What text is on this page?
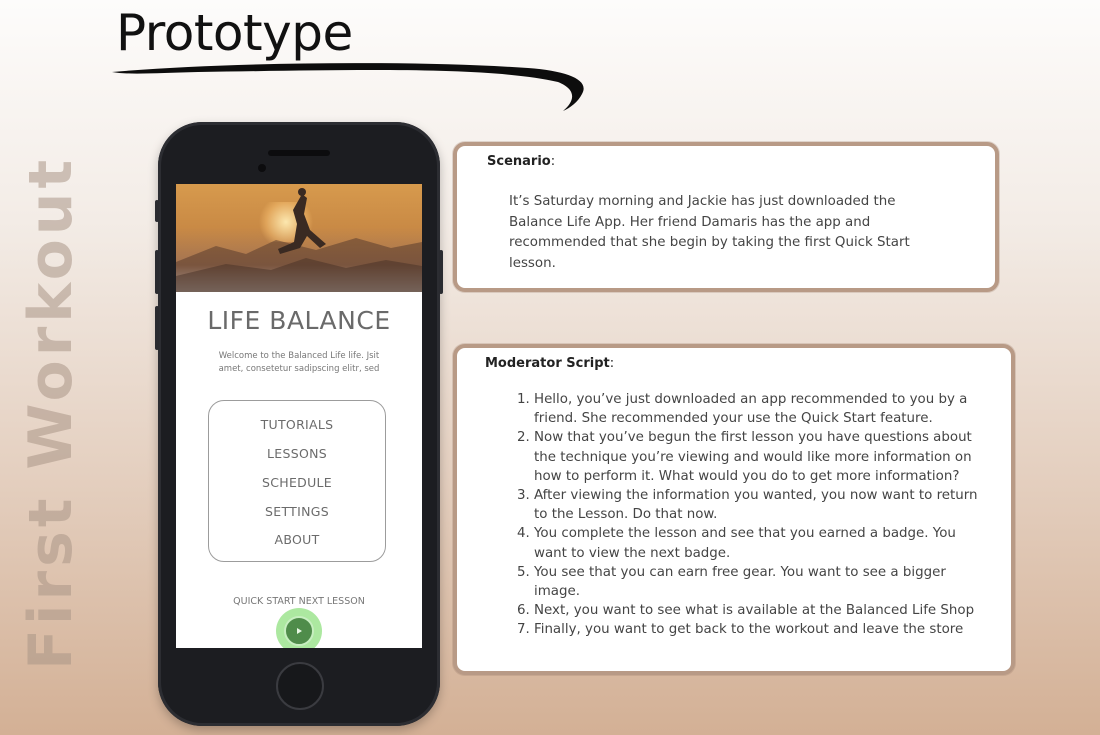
Prototype
First Workout	LIFE BALANCE
Welcome to the Balanced Life life. Jsit amet, consetetur sadipscing elitr, sed
TUTORIALS
LESSONS
SCHEDULE
SETTINGS
ABOUT
QUICK START NEXT LESSON
Scenario:

It’s Saturday morning and Jackie has just downloaded the Balance Life App. Her friend Damaris has the app and recommended that she begin by taking the first Quick Start lesson.

Moderator Script:
1. Hello, you’ve just downloaded an app recommended to you by a friend. She recommended your use the Quick Start feature.
2. Now that you’ve begun the first lesson you have questions about the technique you’re viewing and would like more information on how to perform it. What would you do to get more information?
3. After viewing the information you wanted, you now want to return to the Lesson. Do that now.
4. You complete the lesson and see that you earned a badge. You want to view the next badge.
5. You see that you can earn free gear. You want to see a bigger image.
6. Next, you want to see what is available at the Balanced Life Shop
7. Finally, you want to get back to the workout and leave the store
